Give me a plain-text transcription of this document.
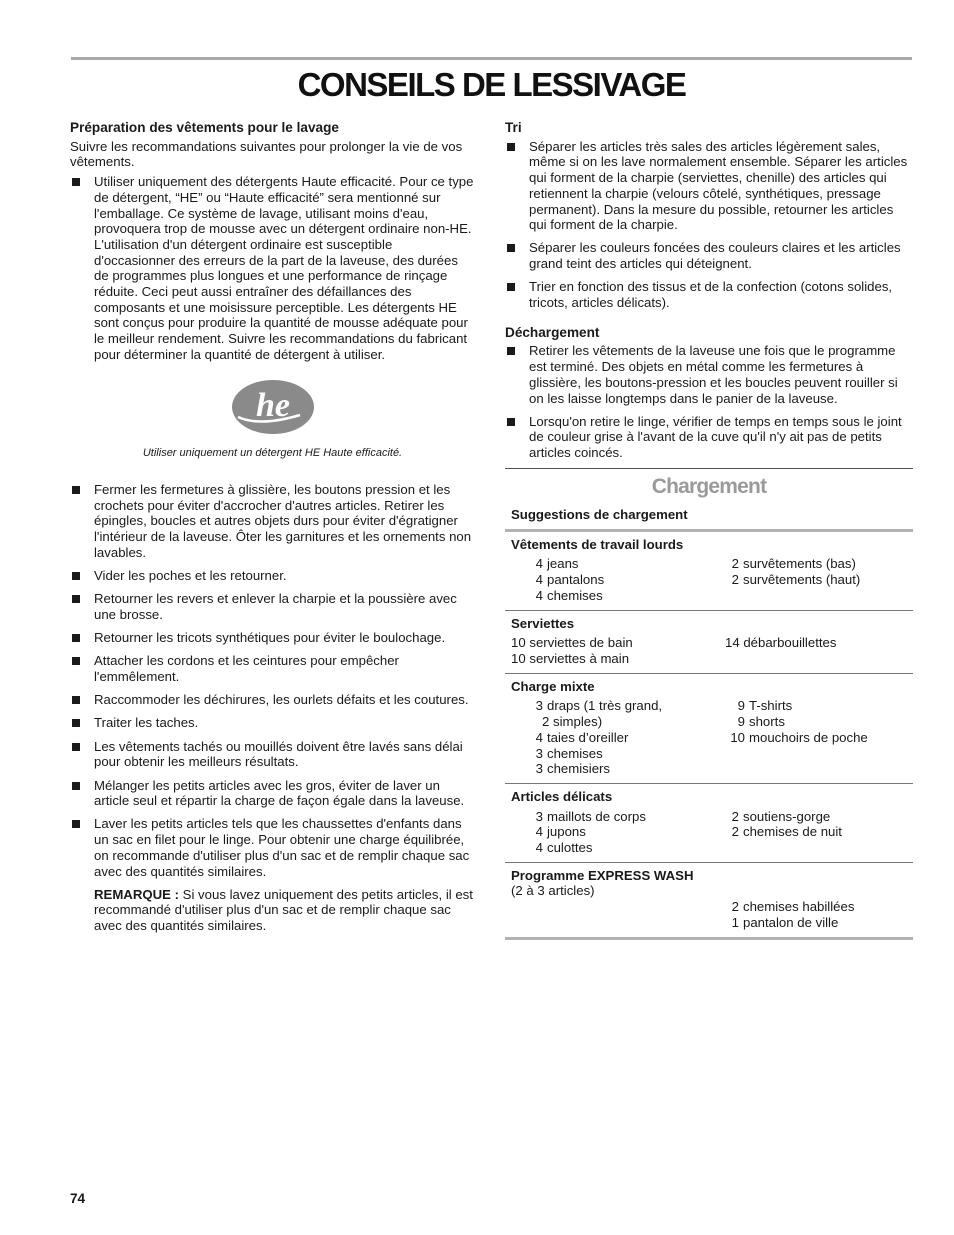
CONSEILS DE LESSIVAGE
Préparation des vêtements pour le lavage

Suivre les recommandations suivantes pour prolonger la vie de vos vêtements.

Utiliser uniquement des détergents Haute efficacité. Pour ce type de détergent, “HE” ou “Haute efficacité” sera mentionné sur l'emballage. Ce système de lavage, utilisant moins d'eau, provoquera trop de mousse avec un détergent ordinaire non-HE. L'utilisation d'un détergent ordinaire est susceptible d'occasionner des erreurs de la part de la laveuse, des durées de programmes plus longues et une performance de rinçage réduite. Ceci peut aussi entraîner des défaillances des composants et une moisissure perceptible. Les détergents HE sont conçus pour produire la quantité de mousse adéquate pour le meilleur rendement. Suivre les recommandations du fabricant pour déterminer la quantité de détergent à utiliser.
he
Utiliser uniquement un détergent HE Haute efficacité.
Fermer les fermetures à glissière, les boutons pression et les crochets pour éviter d'accrocher d'autres articles. Retirer les épingles, boucles et autres objets durs pour éviter d'égratigner l'intérieur de la laveuse. Ôter les garnitures et les ornements non lavables.
Vider les poches et les retourner.
Retourner les revers et enlever la charpie et la poussière avec une brosse.
Retourner les tricots synthétiques pour éviter le boulochage.
Attacher les cordons et les ceintures pour empêcher l'emmêlement.
Raccommoder les déchirures, les ourlets défaits et les coutures.
Traiter les taches.
Les vêtements tachés ou mouillés doivent être lavés sans délai pour obtenir les meilleurs résultats.
Mélanger les petits articles avec les gros, éviter de laver un article seul et répartir la charge de façon égale dans la laveuse.
Laver les petits articles tels que les chaussettes d'enfants dans un sac en filet pour le linge. Pour obtenir une charge équilibrée, on recommande d'utiliser plus d'un sac et de remplir chaque sac avec des quantités similaires.

REMARQUE : Si vous lavez uniquement des petits articles, il est recommandé d'utiliser plus d'un sac et de remplir chaque sac avec des quantités similaires.

Tri
Séparer les articles très sales des articles légèrement sales, même si on les lave normalement ensemble. Séparer les articles qui forment de la charpie (serviettes, chenille) des articles qui retiennent la charpie (velours côtelé, synthétiques, pressage permanent). Dans la mesure du possible, retourner les articles qui forment de la charpie.
Séparer les couleurs foncées des couleurs claires et les articles grand teint des articles qui déteignent.
Trier en fonction des tissus et de la confection (cotons solides, tricots, articles délicats).
Déchargement
Retirer les vêtements de la laveuse une fois que le programme est terminé. Des objets en métal comme les fermetures à glissière, les boutons-pression et les boucles peuvent rouiller si on les laisse longtemps dans le panier de la laveuse.
Lorsqu'on retire le linge, vérifier de temps en temps sous le joint de couleur grise à l'avant de la cuve qu'il n'y ait pas de petits articles coincés.
Chargement
Suggestions de chargement
Vêtements de travail lourds
4 jeans
4 pantalons
4 chemises
2 survêtements (bas)
2 survêtements (haut)
Serviettes
10 serviettes de bain
10 serviettes à main
14 débarbouillettes
Charge mixte
3 draps (1 très grand,
2 simples)
4 taies d’oreiller
3 chemises
3 chemisiers
9 T-shirts
9 shorts
10 mouchoirs de poche
Articles délicats
3 maillots de corps
4 jupons
4 culottes
2 soutiens-gorge
2 chemises de nuit
Programme EXPRESS WASH
(2 à 3 articles)
2 chemises habillées
1 pantalon de ville
74
